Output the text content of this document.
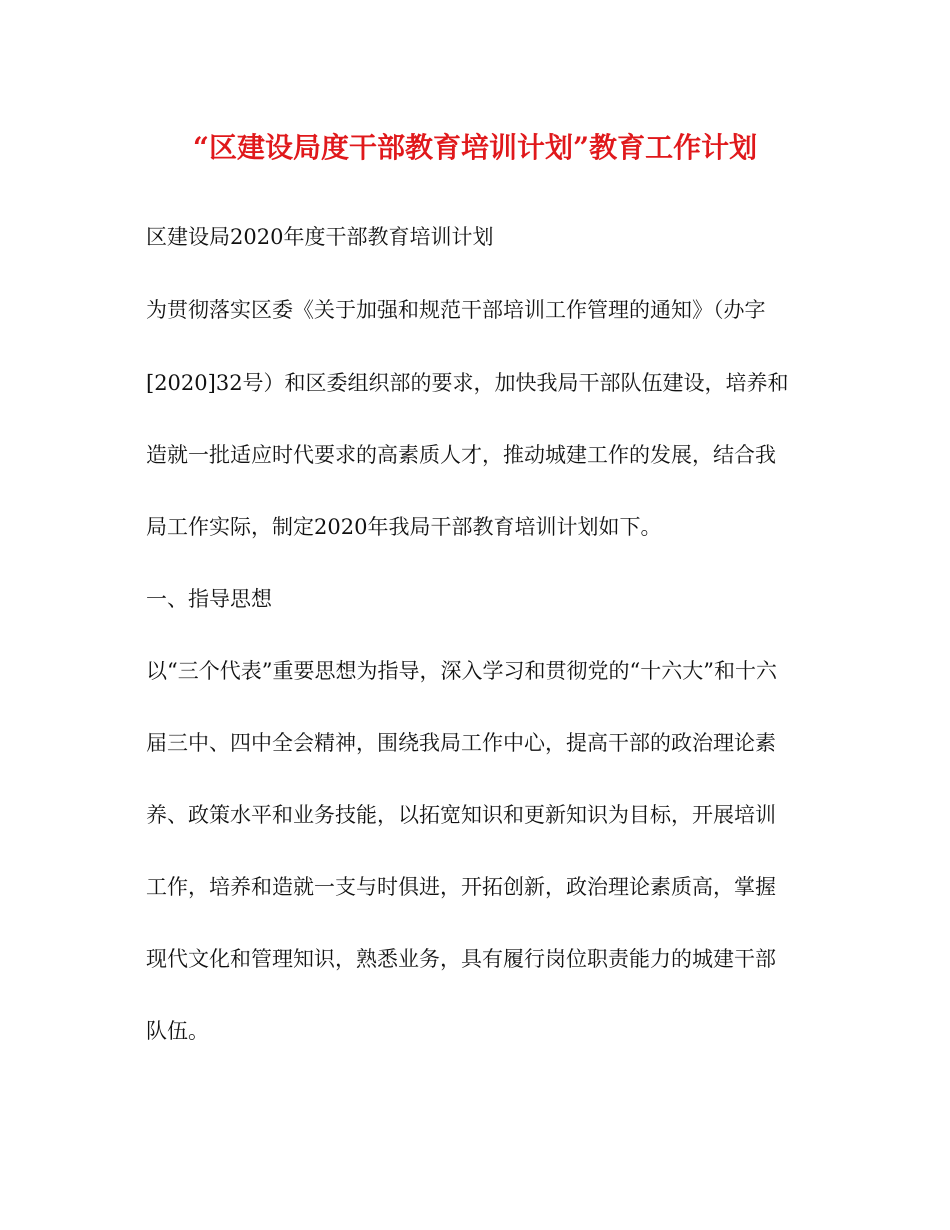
“区建设局度干部教育培训计划”教育工作计划
区建设局2020年度干部教育培训计划
为贯彻落实区委《关于加强和规范干部培训工作管理的通知》（办字
[2020]32号）和区委组织部的要求，加快我局干部队伍建设，培养和
造就一批适应时代要求的高素质人才，推动城建工作的发展，结合我
局工作实际，制定2020年我局干部教育培训计划如下。
一、指导思想
以“三个代表”重要思想为指导，深入学习和贯彻党的“十六大”和十六
届三中、四中全会精神，围绕我局工作中心，提高干部的政治理论素
养、政策水平和业务技能，以拓宽知识和更新知识为目标，开展培训
工作，培养和造就一支与时俱进，开拓创新，政治理论素质高，掌握
现代文化和管理知识，熟悉业务，具有履行岗位职责能力的城建干部
队伍。
